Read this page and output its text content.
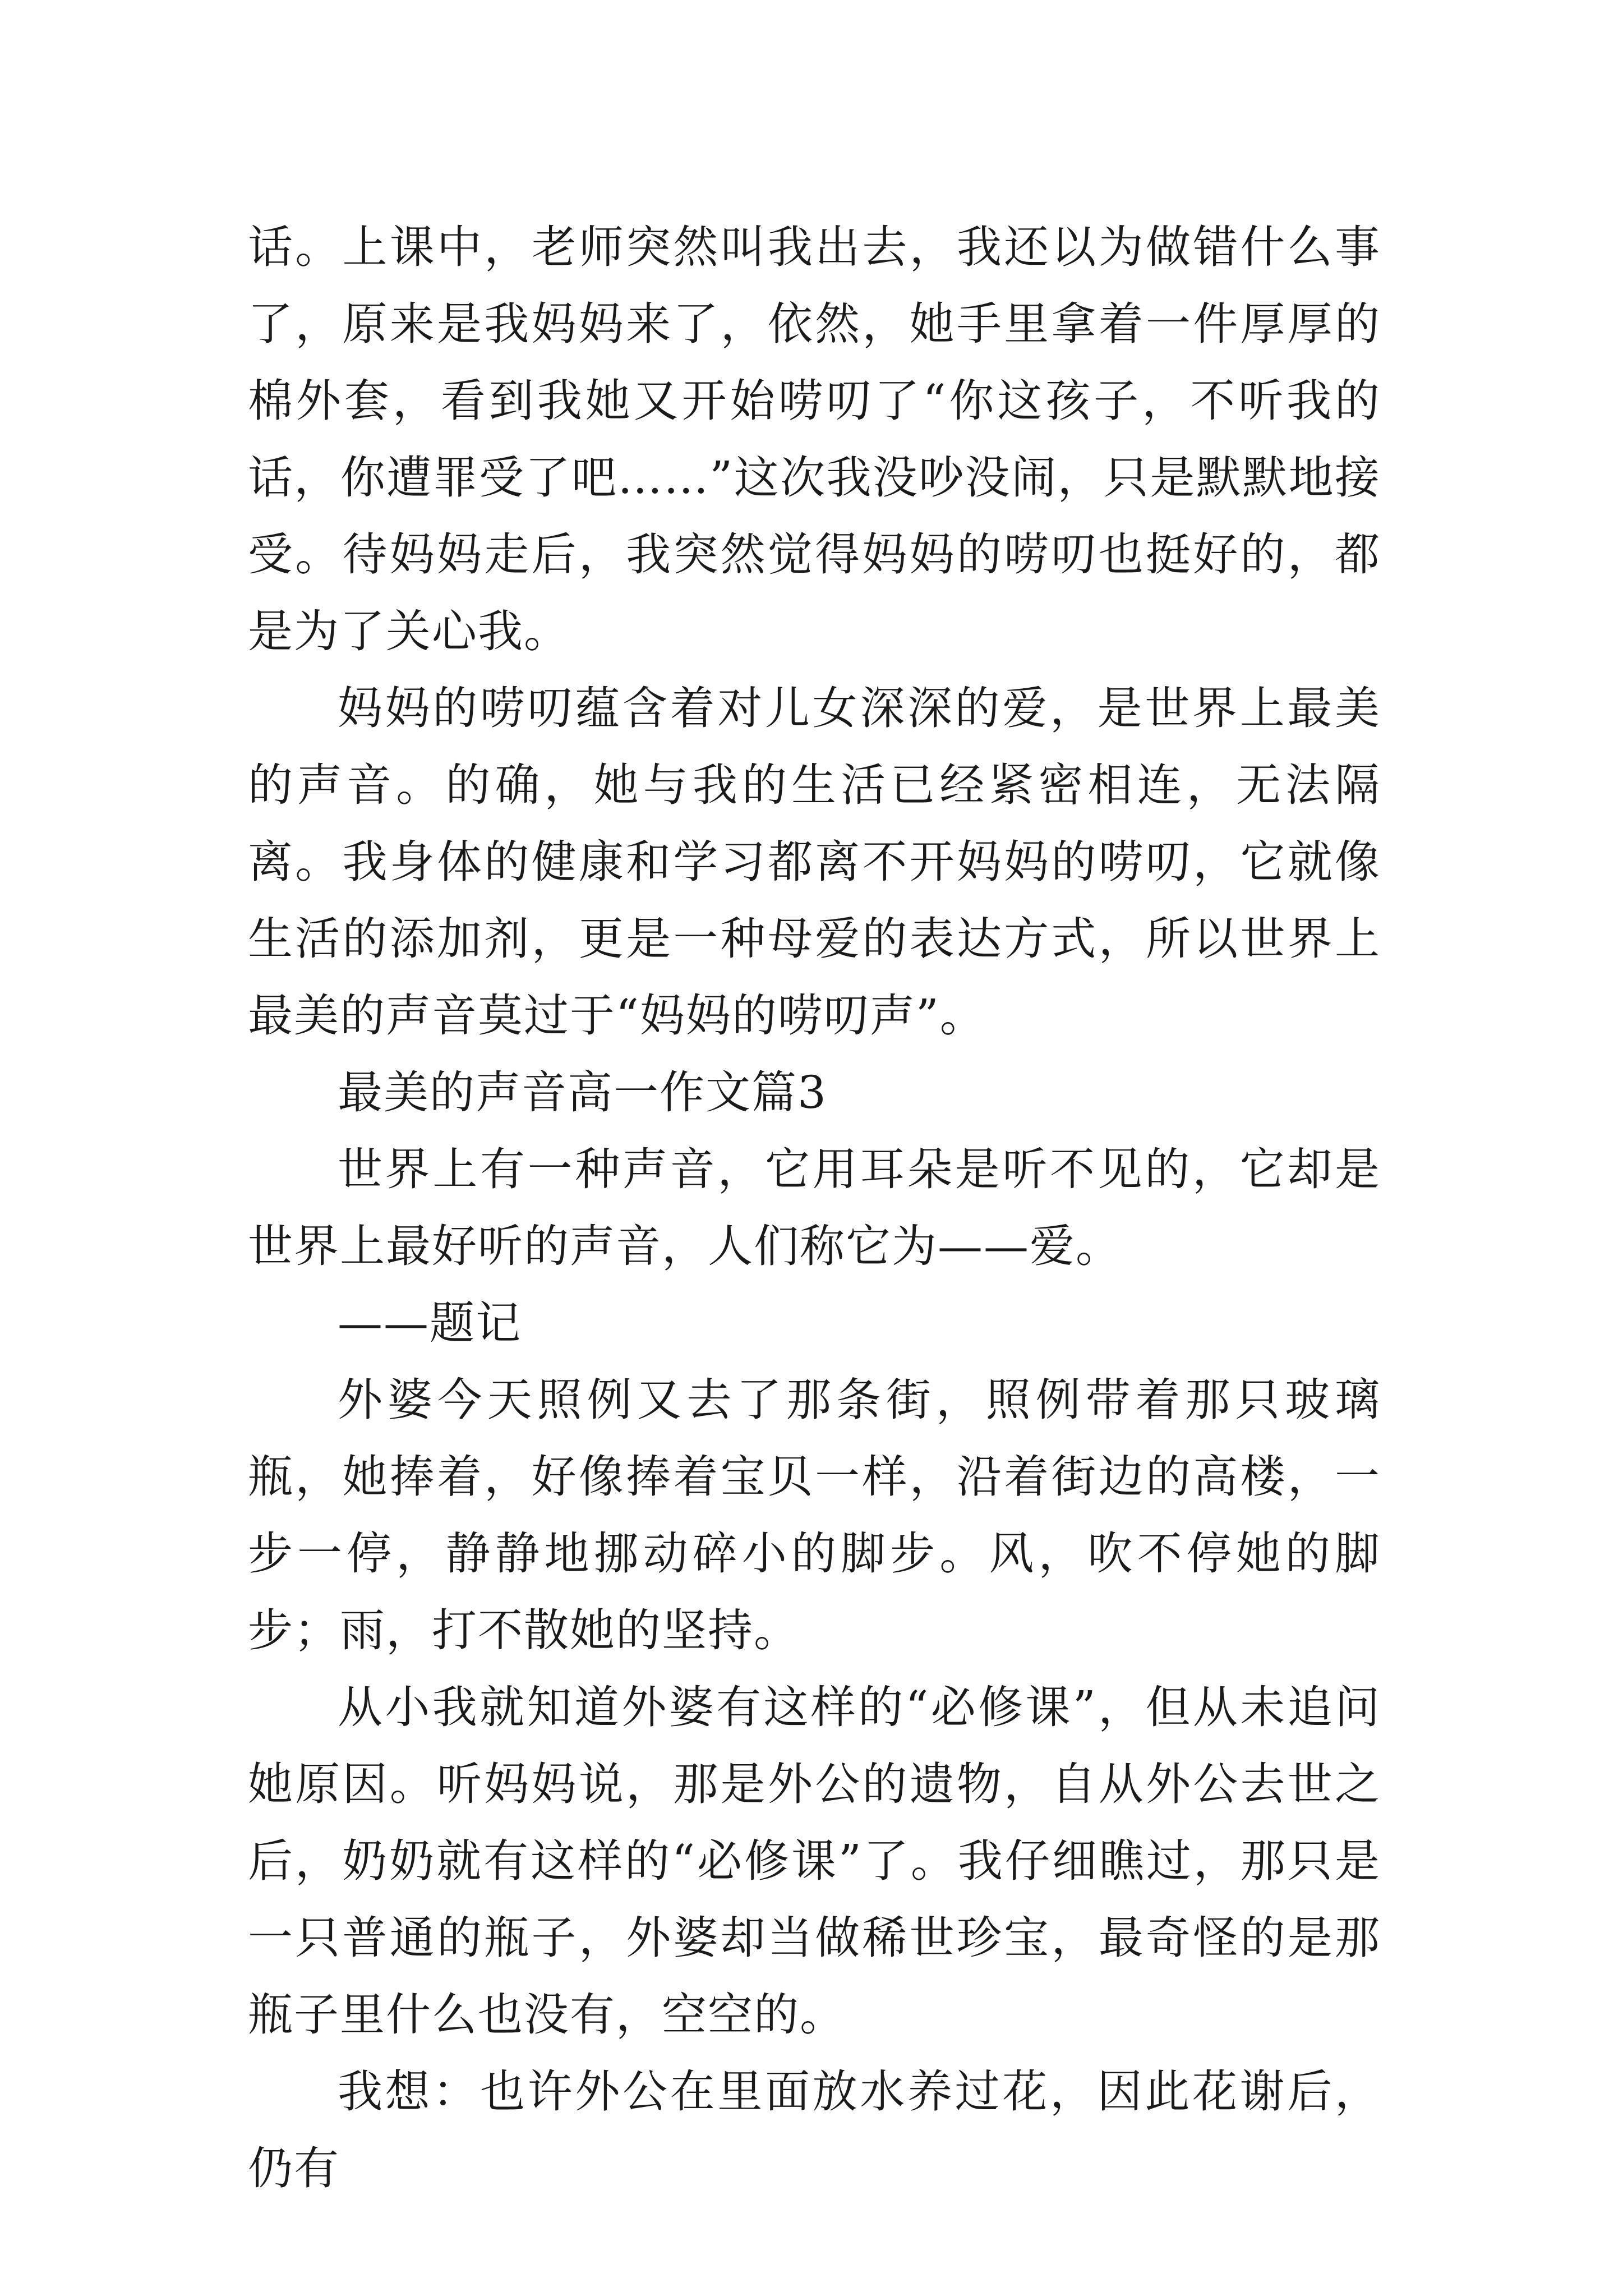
话。上课中，老师突然叫我出去，我还以为做错什么事了，原来是我妈妈来了，依然，她手里拿着一件厚厚的棉外套，看到我她又开始唠叨了“你这孩子，不听我的话，你遭罪受了吧……”这次我没吵没闹，只是默默地接受。待妈妈走后，我突然觉得妈妈的唠叨也挺好的，都是为了关心我。

妈妈的唠叨蕴含着对儿女深深的爱，是世界上最美的声音。的确，她与我的生活已经紧密相连，无法隔离。我身体的健康和学习都离不开妈妈的唠叨，它就像生活的添加剂，更是一种母爱的表达方式，所以世界上最美的声音莫过于“妈妈的唠叨声”。

最美的声音高一作文篇3

世界上有一种声音，它用耳朵是听不见的，它却是世界上最好听的声音，人们称它为——爱。

——题记

外婆今天照例又去了那条街，照例带着那只玻璃瓶，她捧着，好像捧着宝贝一样，沿着街边的高楼，一步一停，静静地挪动碎小的脚步。风，吹不停她的脚步；雨，打不散她的坚持。

从小我就知道外婆有这样的“必修课”，但从未追问她原因。听妈妈说，那是外公的遗物，自从外公去世之后，奶奶就有这样的“必修课”了。我仔细瞧过，那只是一只普通的瓶子，外婆却当做稀世珍宝，最奇怪的是那瓶子里什么也没有，空空的。

我想：也许外公在里面放水养过花，因此花谢后，仍有
